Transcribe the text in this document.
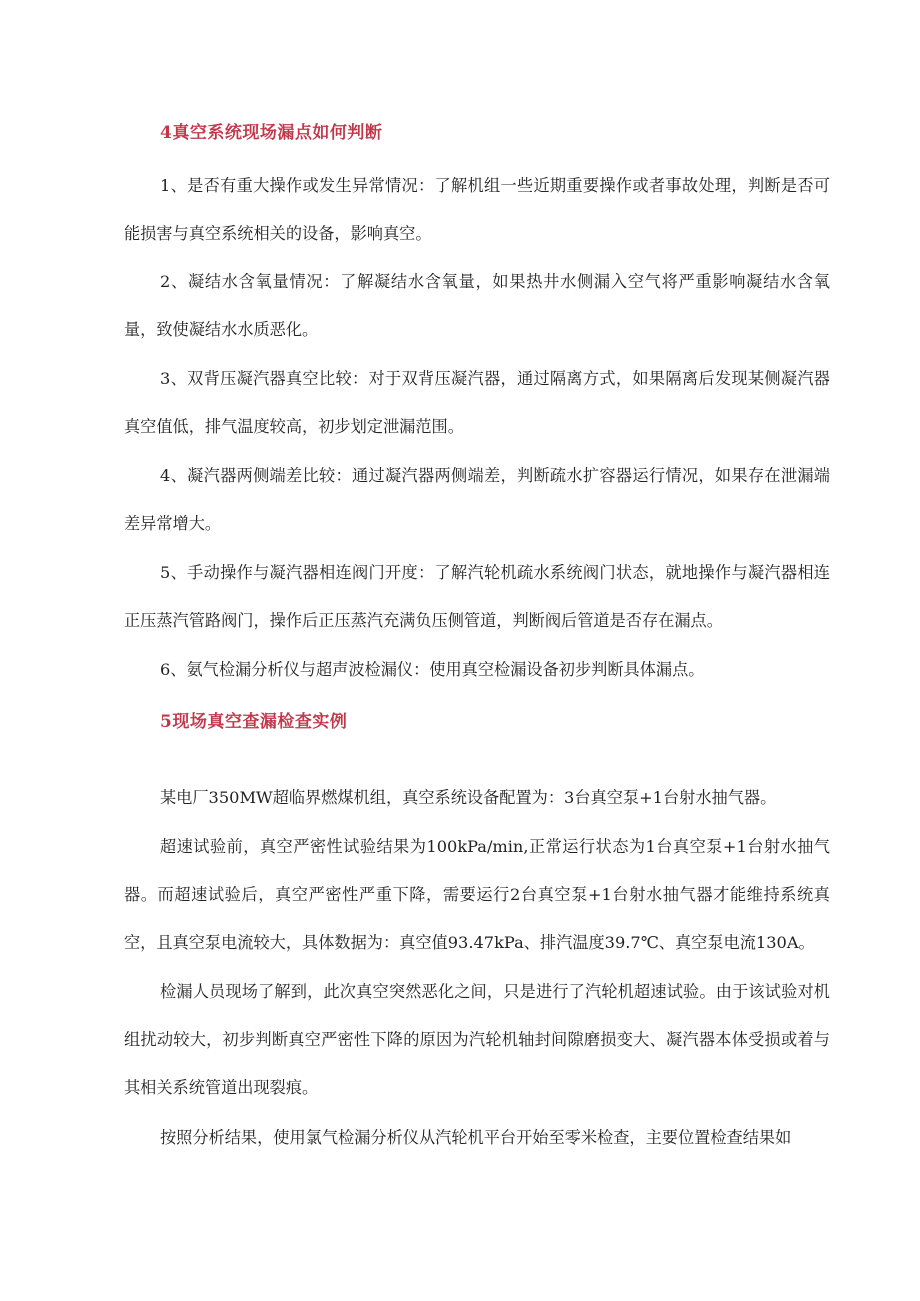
4真空系统现场漏点如何判断

1、是否有重大操作或发生异常情况：了解机组一些近期重要操作或者事故处理，判断是否可能损害与真空系统相关的设备，影响真空。

2、凝结水含氧量情况：了解凝结水含氧量，如果热井水侧漏入空气将严重影响凝结水含氧量，致使凝结水水质恶化。

3、双背压凝汽器真空比较：对于双背压凝汽器，通过隔离方式，如果隔离后发现某侧凝汽器真空值低，排气温度较高，初步划定泄漏范围。

4、凝汽器两侧端差比较：通过凝汽器两侧端差，判断疏水扩容器运行情况，如果存在泄漏端差异常增大。

5、手动操作与凝汽器相连阀门开度：了解汽轮机疏水系统阀门状态，就地操作与凝汽器相连正压蒸汽管路阀门，操作后正压蒸汽充满负压侧管道，判断阀后管道是否存在漏点。

6、氨气检漏分析仪与超声波检漏仪：使用真空检漏设备初步判断具体漏点。

5现场真空查漏检查实例

某电厂350MW超临界燃煤机组，真空系统设备配置为：3台真空泵+1台射水抽气器。

超速试验前，真空严密性试验结果为100kPa/min,正常运行状态为1台真空泵+1台射水抽气器。而超速试验后，真空严密性严重下降，需要运行2台真空泵+1台射水抽气器才能维持系统真空，且真空泵电流较大，具体数据为：真空值93.47kPa、排汽温度39.7℃、真空泵电流130A。

检漏人员现场了解到，此次真空突然恶化之间，只是进行了汽轮机超速试验。由于该试验对机组扰动较大，初步判断真空严密性下降的原因为汽轮机轴封间隙磨损变大、凝汽器本体受损或着与其相关系统管道出现裂痕。

按照分析结果，使用氯气检漏分析仪从汽轮机平台开始至零米检查，主要位置检查结果如
